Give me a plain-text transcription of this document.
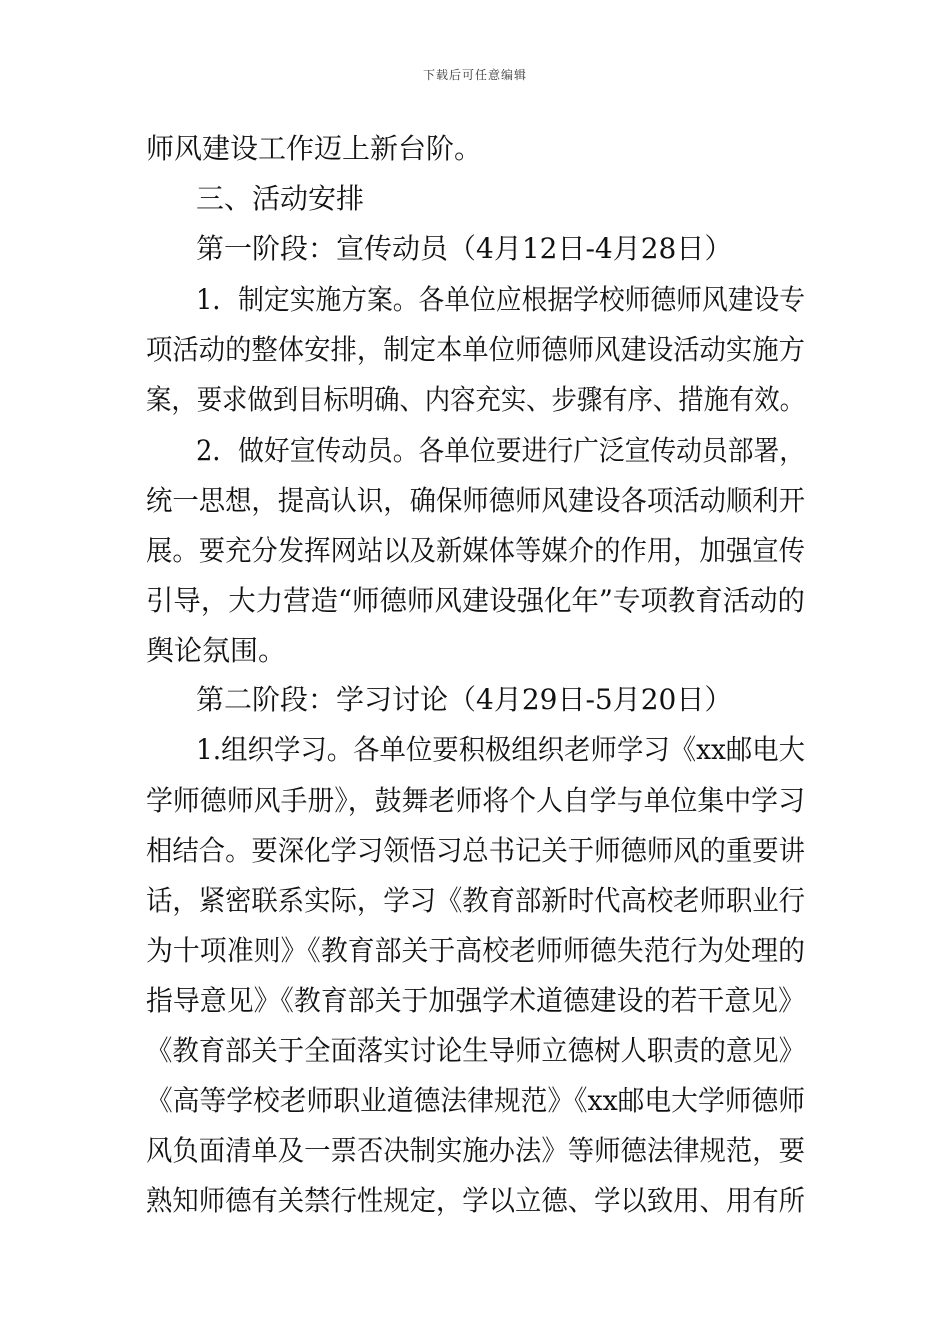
下载后可任意编辑
师风建设工作迈上新台阶。
三、活动安排
第一阶段：宣传动员（4月12日-4月28日）
1．制定实施方案。各单位应根据学校师德师风建设专
项活动的整体安排，制定本单位师德师风建设活动实施方
案，要求做到目标明确、内容充实、步骤有序、措施有效。
2．做好宣传动员。各单位要进行广泛宣传动员部署，
统一思想，提高认识，确保师德师风建设各项活动顺利开
展。要充分发挥网站以及新媒体等媒介的作用，加强宣传
引导，大力营造“师德师风建设强化年”专项教育活动的
舆论氛围。
第二阶段：学习讨论（4月29日-5月20日）
1.组织学习。各单位要积极组织老师学习《xx邮电大
学师德师风手册》，鼓舞老师将个人自学与单位集中学习
相结合。要深化学习领悟习总书记关于师德师风的重要讲
话，紧密联系实际，学习《教育部新时代高校老师职业行
为十项准则》《教育部关于高校老师师德失范行为处理的
指导意见》《教育部关于加强学术道德建设的若干意见》
《教育部关于全面落实讨论生导师立德树人职责的意见》
《高等学校老师职业道德法律规范》《xx邮电大学师德师
风负面清单及一票否决制实施办法》等师德法律规范，要
熟知师德有关禁行性规定，学以立德、学以致用、用有所
